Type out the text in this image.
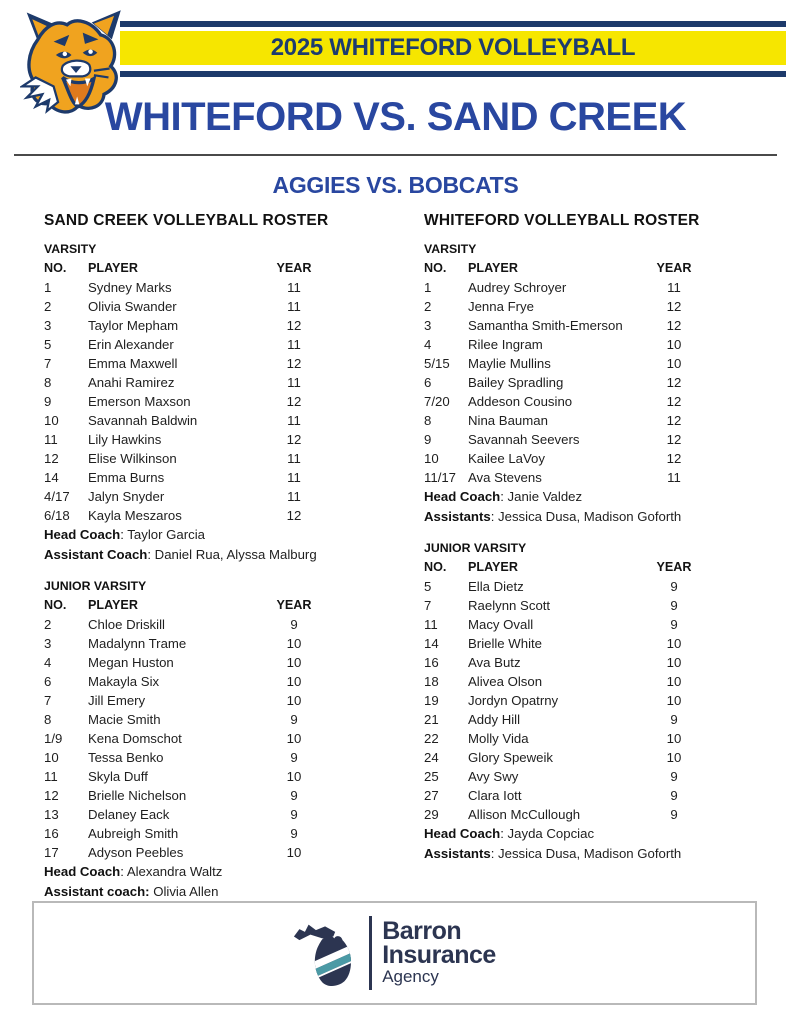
2025 WHITEFORD VOLLEYBALL
WHITEFORD VS. SAND CREEK
AGGIES VS. BOBCATS
SAND CREEK VOLLEYBALL ROSTER
VARSITY
NO.	PLAYER	YEAR
1	Sydney Marks	11
2	Olivia Swander	11
3	Taylor Mepham	12
5	Erin Alexander	11
7	Emma Maxwell	12
8	Anahi Ramirez	11
9	Emerson Maxson	12
10	Savannah Baldwin	11
11	Lily Hawkins	12
12	Elise Wilkinson	11
14	Emma Burns	11
4/17	Jalyn Snyder	11
6/18	Kayla Meszaros	12
Head Coach: Taylor Garcia
Assistant Coach: Daniel Rua, Alyssa Malburg
JUNIOR VARSITY
NO.	PLAYER	YEAR
2	Chloe Driskill	9
3	Madalynn Trame	10
4	Megan Huston	10
6	Makayla Six	10
7	Jill Emery	10
8	Macie Smith	9
1/9	Kena Domschot	10
10	Tessa Benko	9
11	Skyla Duff	10
12	Brielle Nichelson	9
13	Delaney Eack	9
16	Aubreigh Smith	9
17	Adyson Peebles	10
Head Coach: Alexandra Waltz
Assistant coach: Olivia Allen
WHITEFORD VOLLEYBALL ROSTER
VARSITY
NO.	PLAYER	YEAR
1	Audrey Schroyer	11
2	Jenna Frye	12
3	Samantha Smith-Emerson	12
4	Rilee Ingram	10
5/15	Maylie Mullins	10
6	Bailey Spradling	12
7/20	Addeson Cousino	12
8	Nina Bauman	12
9	Savannah Seevers	12
10	Kailee LaVoy	12
11/17 Ava Stevens	11
Head Coach: Janie Valdez
Assistants: Jessica Dusa, Madison Goforth
JUNIOR VARSITY
NO.	PLAYER	YEAR
5	Ella Dietz	9
7	Raelynn Scott	9
11	Macy Ovall	9
14	Brielle White	10
16	Ava Butz	10
18	Alivea Olson	10
19	Jordyn Opatrny	10
21	Addy Hill	9
22	Molly Vida	10
24	Glory Speweik	10
25	Avy Swy	9
27	Clara Iott	9
29	Allison McCullough	9
Head Coach: Jayda Copciac
Assistants: Jessica Dusa, Madison Goforth
Barron
Insurance
Agency
